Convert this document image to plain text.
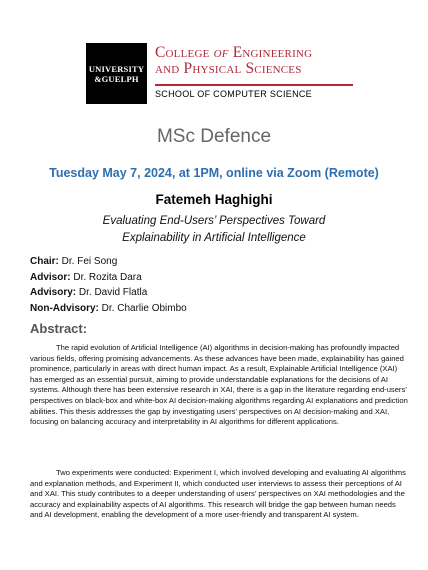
UNIVERSITY
&GUELPH
College of Engineering
and Physical Sciences
SCHOOL OF COMPUTER SCIENCE
MSc Defence
Tuesday May 7, 2024, at 1PM, online via Zoom (Remote)
Fatemeh Haghighi
Evaluating End-Users’ Perspectives Toward
Explainability in Artificial Intelligence
Chair: Dr. Fei Song
Advisor: Dr. Rozita Dara
Advisory: Dr. David Flatla
Non-Advisory: Dr. Charlie Obimbo
Abstract:
The rapid evolution of Artificial Intelligence (AI) algorithms in decision-making has profoundly impacted various fields, offering promising advancements. As these advances have been made, explainability has gained prominence, particularly in areas with direct human impact. As a result, Explainable Artificial Intelligence (XAI) has emerged as an essential pursuit, aiming to provide understandable explanations for the decisions of AI systems. Although there has been extensive research in XAI, there is a gap in the literature regarding end-users’ perspectives on black-box and white-box AI decision-making algorithms regarding AI explanations and prediction abilities. This thesis addresses the gap by investigating users’ perspectives on AI decision-making and XAI, focusing on balancing accuracy and interpretability in AI algorithms for different applications.
Two experiments were conducted: Experiment I, which involved developing and evaluating AI algorithms and explanation methods, and Experiment II, which conducted user interviews to assess their perceptions of AI and XAI. This study contributes to a deeper understanding of users’ perspectives on XAI methodologies and the accuracy and explainability aspects of AI algorithms. This research will bridge the gap between human needs and AI development, enabling the development of a more user-friendly and transparent AI system.
